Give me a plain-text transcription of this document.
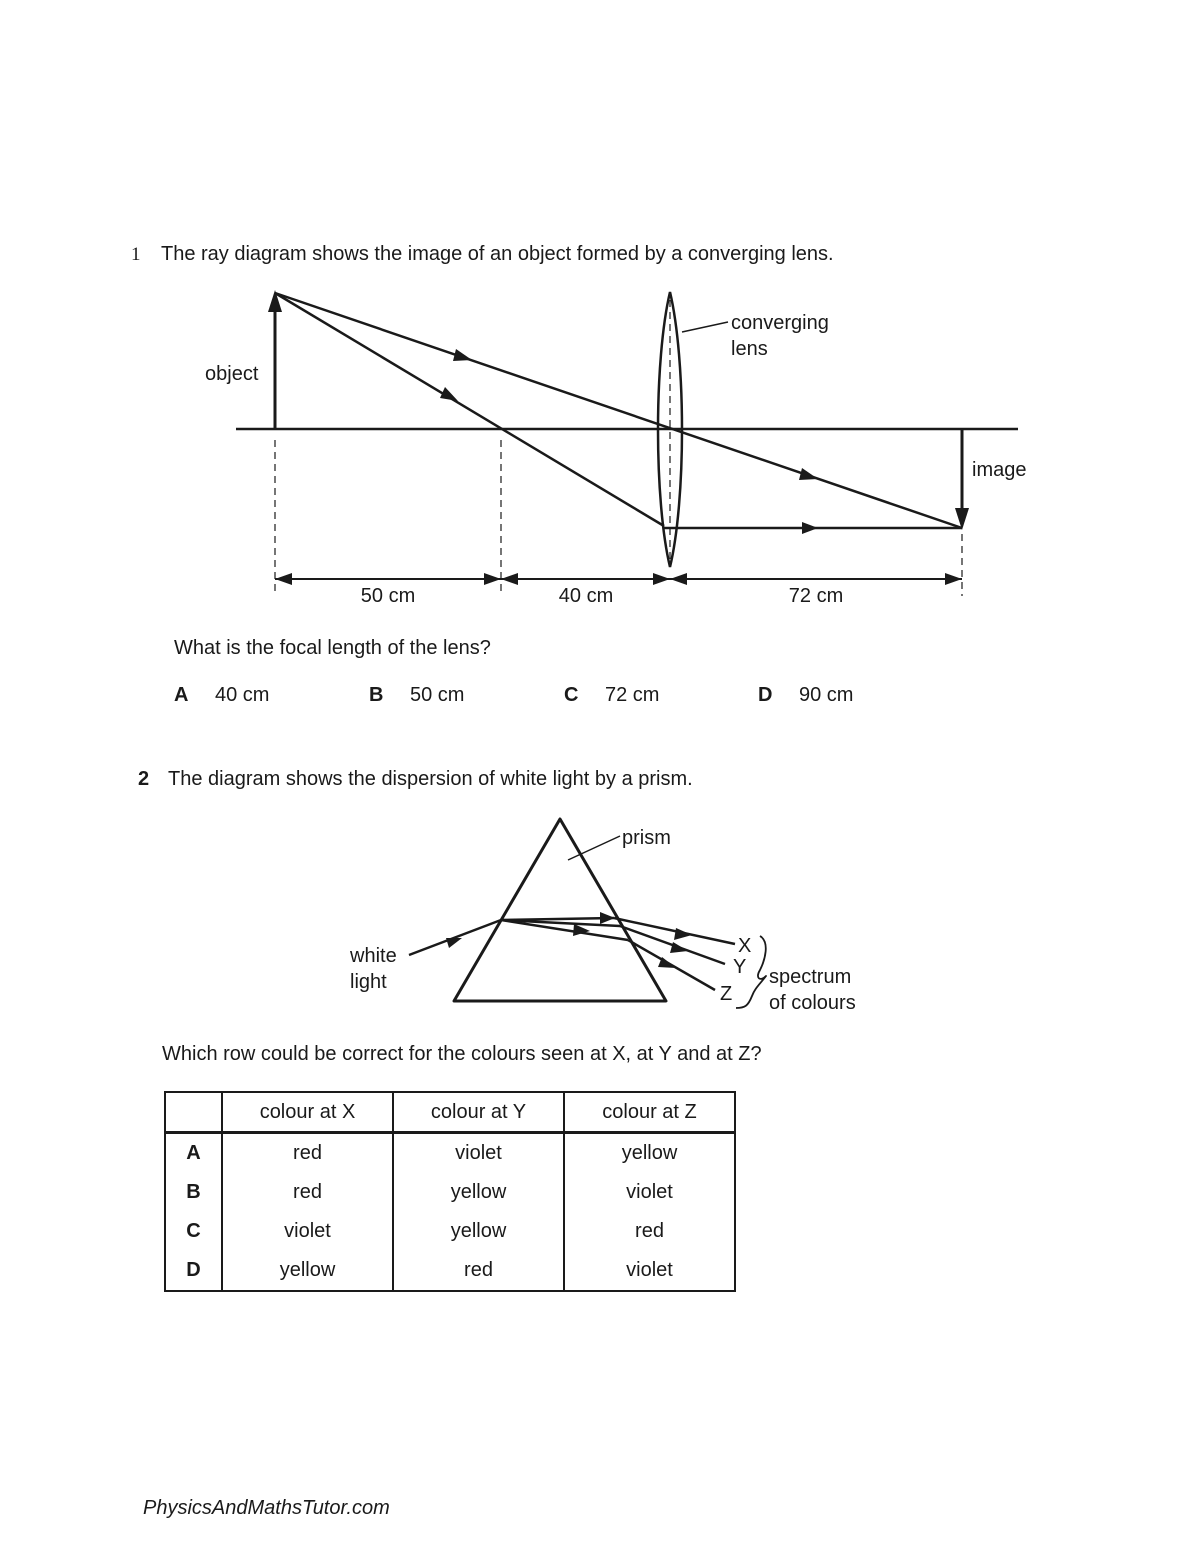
1 The ray diagram shows the image of an object formed by a converging lens.
object
converging
lens
image
50 cm	40 cm	72 cm
What is the focal length of the lens?
A 40 cm	B 50 cm	C 72 cm	D 90 cm
2 The diagram shows the dispersion of white light by a prism.
prism
white
light
X
Y
Z
spectrum
of colours
Which row could be correct for the colours seen at X, at Y and at Z?
	colour at X	colour at Y	colour at Z
A	red	violet	yellow
B	red	yellow	violet
C	violet	yellow	red
D	yellow	red	violet
PhysicsAndMathsTutor.com
